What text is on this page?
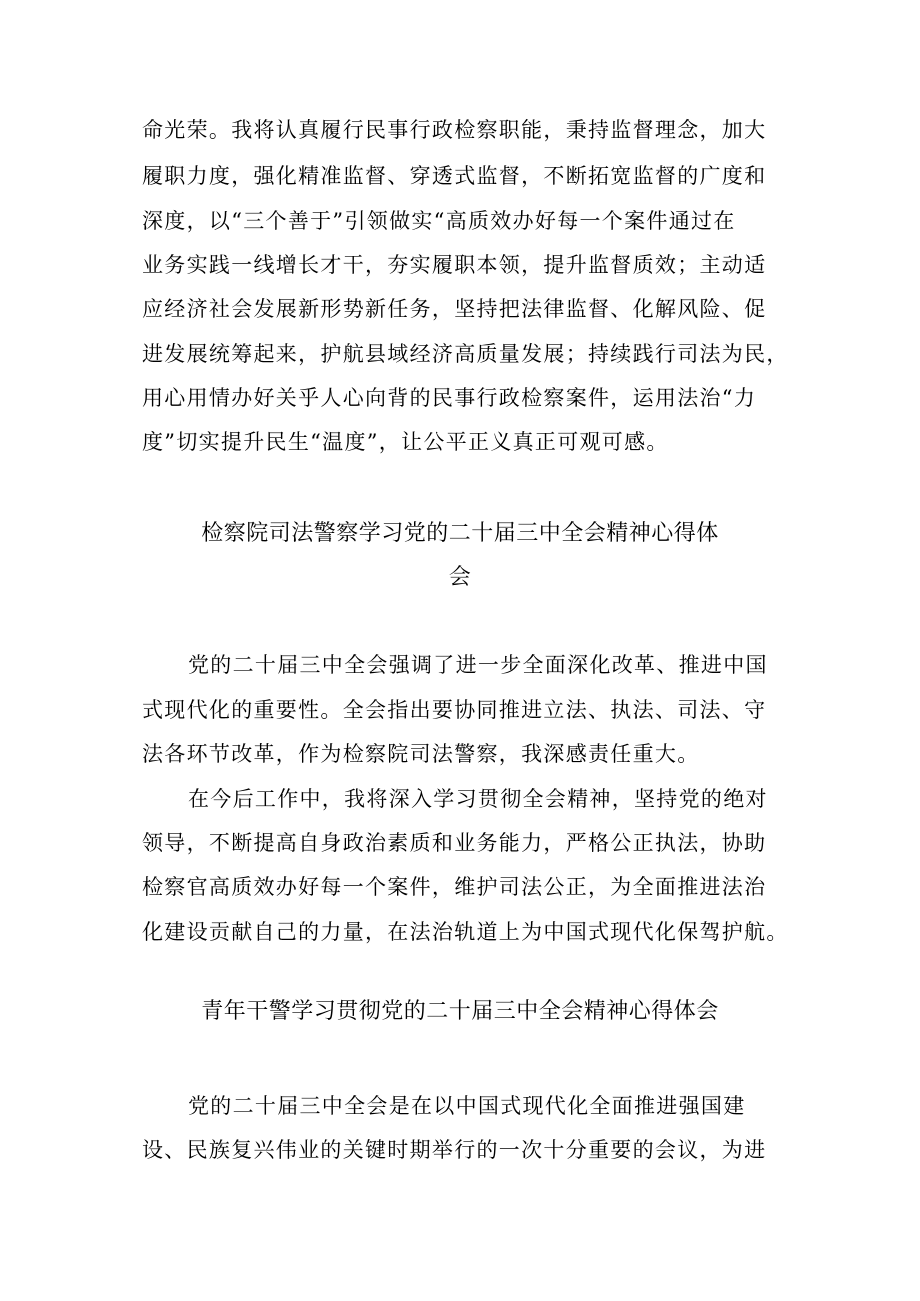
命光荣。我将认真履行民事行政检察职能，秉持监督理念，加大
履职力度，强化精准监督、穿透式监督，不断拓宽监督的广度和
深度，以“三个善于”引领做实“高质效办好每一个案件通过在
业务实践一线增长才干，夯实履职本领，提升监督质效；主动适
应经济社会发展新形势新任务，坚持把法律监督、化解风险、促
进发展统筹起来，护航县域经济高质量发展；持续践行司法为民，
用心用情办好关乎人心向背的民事行政检察案件，运用法治“力
度”切实提升民生“温度”，让公平正义真正可观可感。
检察院司法警察学习党的二十届三中全会精神心得体
会
党的二十届三中全会强调了进一步全面深化改革、推进中国
式现代化的重要性。全会指出要协同推进立法、执法、司法、守
法各环节改革，作为检察院司法警察，我深感责任重大。
在今后工作中，我将深入学习贯彻全会精神，坚持党的绝对
领导，不断提高自身政治素质和业务能力，严格公正执法，协助
检察官高质效办好每一个案件，维护司法公正，为全面推进法治
化建设贡献自己的力量，在法治轨道上为中国式现代化保驾护航。
青年干警学习贯彻党的二十届三中全会精神心得体会
党的二十届三中全会是在以中国式现代化全面推进强国建
设、民族复兴伟业的关键时期举行的一次十分重要的会议，为进
